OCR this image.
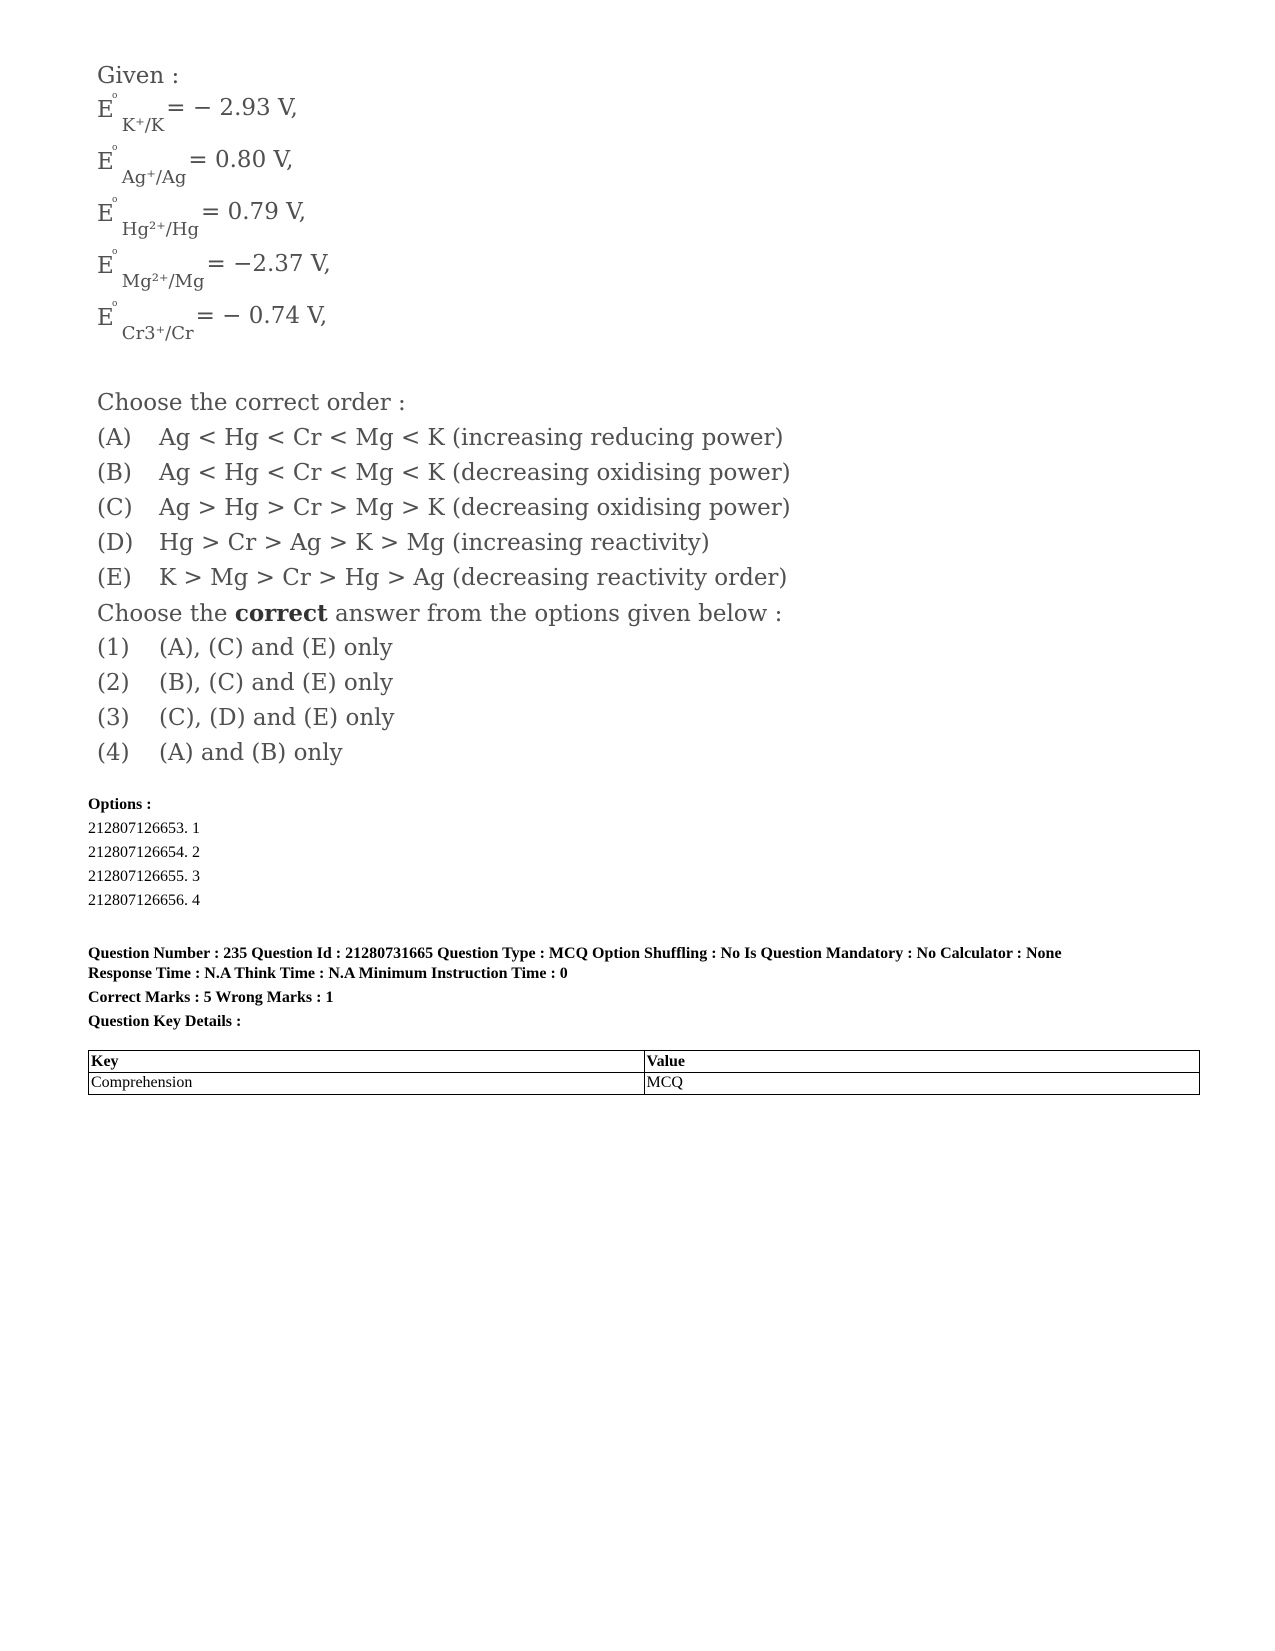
Given :
E
o
$_{K^+/K}$= − 2.93 V,
E
o
$_{Ag^+/Ag}$= 0.80 V,
E
o
$_{Hg^{2+}/Hg}$= 0.79 V,
E
o
$_{Mg^{2+}/Mg}$= −2.37 V,
E
o
$_{Cr3^+/Cr}$= − 0.74 V,
Choose the correct order :
(A) Ag < Hg < Cr < Mg < K (increasing reducing power)
(B) Ag < Hg < Cr < Mg < K (decreasing oxidising power)
(C) Ag > Hg > Cr > Mg > K (decreasing oxidising power)
(D) Hg > Cr > Ag > K > Mg (increasing reactivity)
(E) K > Mg > Cr > Hg > Ag (decreasing reactivity order)
Choose the correct answer from the options given below :
(1) (A), (C) and (E) only
(2) (B), (C) and (E) only
(3) (C), (D) and (E) only
(4) (A) and (B) only
Options :
212807126653. 1
212807126654. 2
212807126655. 3
212807126656. 4
Question Number : 235 Question Id : 21280731665 Question Type : MCQ Option Shuffling : No Is Question Mandatory : No Calculator : None
Response Time : N.A Think Time : N.A Minimum Instruction Time : 0
Correct Marks : 5 Wrong Marks : 1
Question Key Details :
Key	Value
Comprehension	MCQ
